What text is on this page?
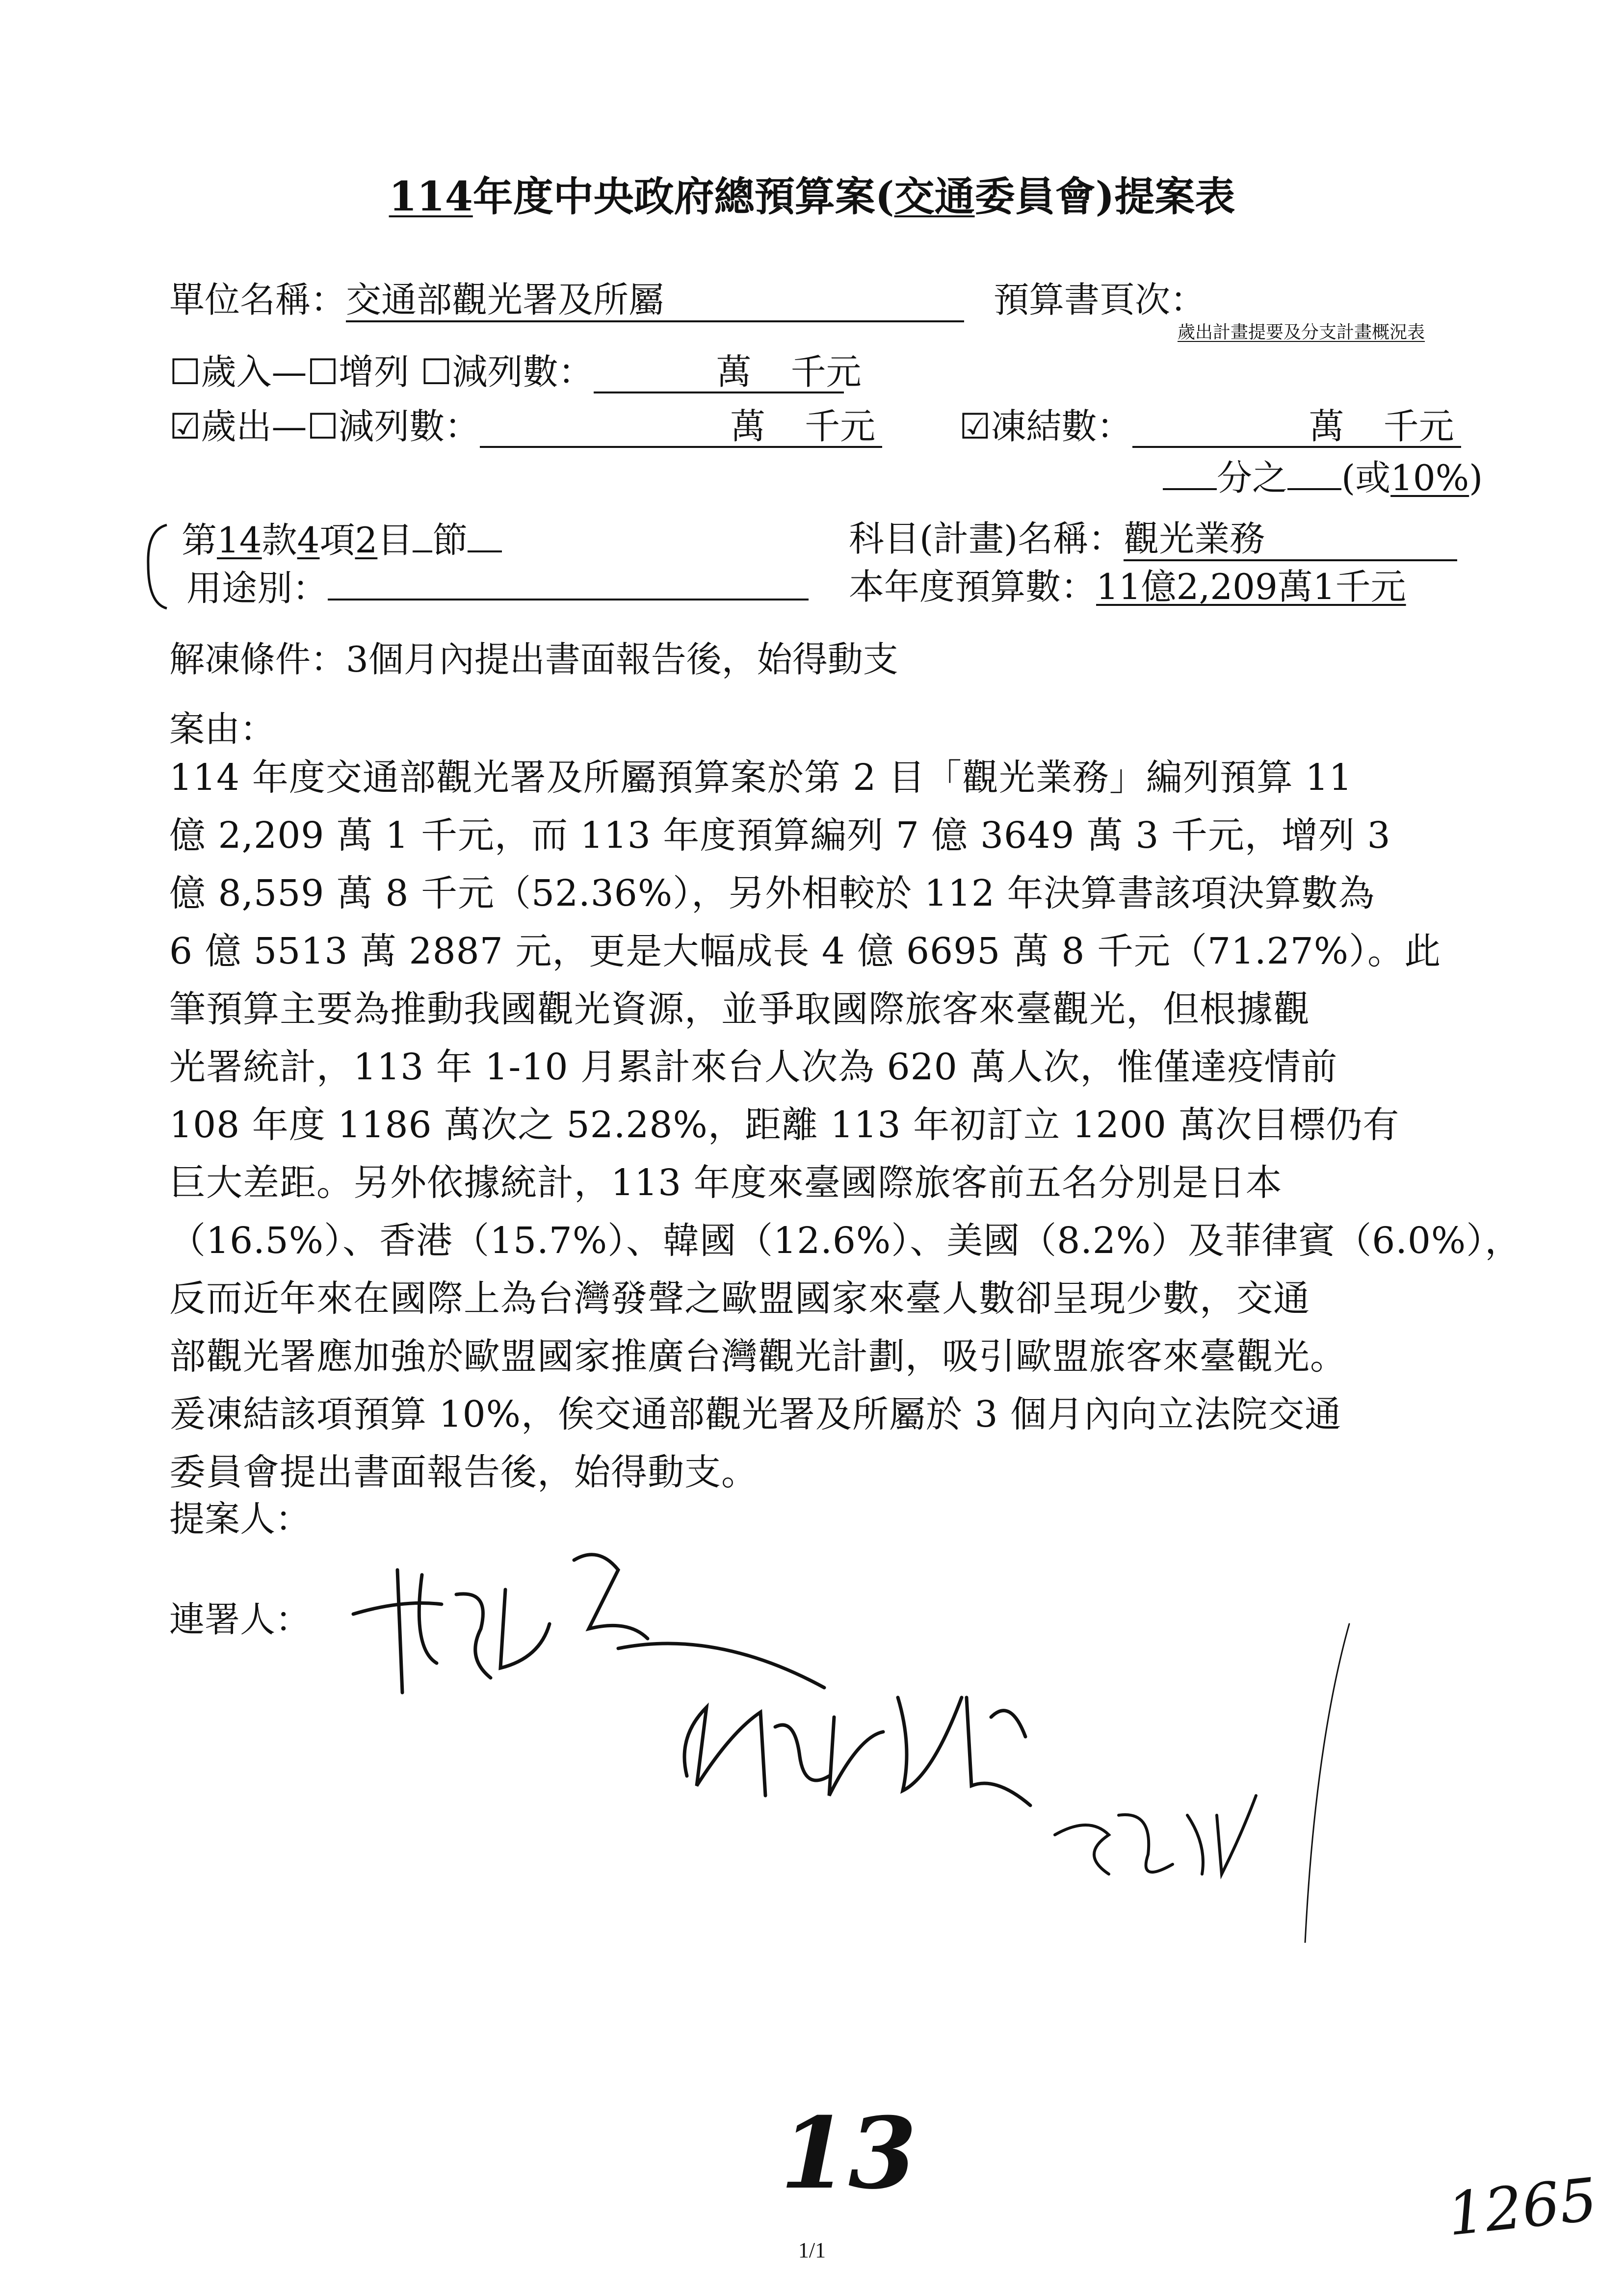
114年度中央政府總預算案(交通委員會)提案表
單位名稱：交通部觀光署及所屬	預算書頁次：
歲出計畫提要及分支計畫概況表
☐歲入—☐增列 ☐減列數：	萬 千元
☑歲出—☐減列數：	萬 千元 ☑凍結數：	萬 千元
分之 (或10%)
第14款4項2目 節	科目(計畫)名稱：觀光業務
用途別：	本年度預算數：11億2,209萬1千元
解凍條件：3個月內提出書面報告後，始得動支
案由：
114 年度交通部觀光署及所屬預算案於第 2 目「觀光業務」編列預算 11
億 2,209 萬 1 千元，而 113 年度預算編列 7 億 3649 萬 3 千元，增列 3
億 8,559 萬 8 千元（52.36%），另外相較於 112 年決算書該項決算數為
6 億 5513 萬 2887 元，更是大幅成長 4 億 6695 萬 8 千元（71.27%）。此
筆預算主要為推動我國觀光資源，並爭取國際旅客來臺觀光，但根據觀
光署統計，113 年 1-10 月累計來台人次為 620 萬人次，惟僅達疫情前
108 年度 1186 萬次之 52.28%，距離 113 年初訂立 1200 萬次目標仍有
巨大差距。另外依據統計，113 年度來臺國際旅客前五名分別是日本
（16.5%）、香港（15.7%）、韓國（12.6%）、美國（8.2%）及菲律賓（6.0%），
反而近年來在國際上為台灣發聲之歐盟國家來臺人數卻呈現少數，交通
部觀光署應加強於歐盟國家推廣台灣觀光計劃，吸引歐盟旅客來臺觀光。
爰凍結該項預算 10%，俟交通部觀光署及所屬於 3 個月內向立法院交通
委員會提出書面報告後，始得動支。
提案人：
連署人：
13	1265
1/1
